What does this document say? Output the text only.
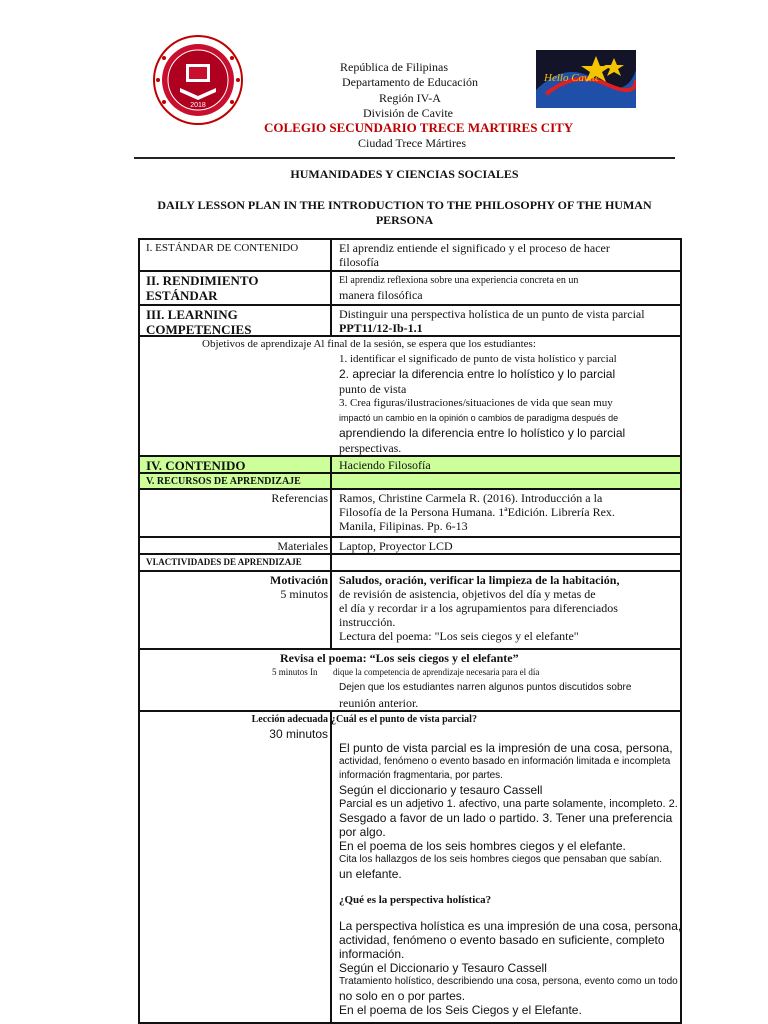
2018
Hello Cavite
República de Filipinas
Departamento de Educación
Región IV-A
División de Cavite
COLEGIO SECUNDARIO TRECE MARTIRES CITY
Ciudad Trece Mártires
HUMANIDADES Y CIENCIAS SOCIALES
DAILY LESSON PLAN IN THE INTRODUCTION TO THE PHILOSOPHY OF THE HUMAN
PERSONA
I. ESTÁNDAR DE CONTENIDO	El aprendiz entiende el significado y el proceso de hacer
filosofía
II. RENDIMIENTO
ESTÁNDAR
El aprendiz reflexiona sobre una experiencia concreta en un
manera filosófica
III. LEARNING
COMPETENCIES
Distinguir una perspectiva holística de un punto de vista parcial
PPT11/12-Ib-1.1
Objetivos de aprendizaje Al final de la sesión, se espera que los estudiantes:
1. identificar el significado de punto de vista holístico y parcial
2. apreciar la diferencia entre lo holístico y lo parcial
punto de vista
3. Crea figuras/ilustraciones/situaciones de vida que sean muy
impactó un cambio en la opinión o cambios de paradigma después de
aprendiendo la diferencia entre lo holístico y lo parcial
perspectivas.
IV. CONTENIDO	Haciendo Filosofía
V. RECURSOS DE APRENDIZAJE
Referencias Ramos, Christine Carmela R. (2016). Introducción a la
Filosofía de la Persona Humana. 1ªEdición. Librería Rex.
Manila, Filipinas. Pp. 6-13
Materiales Laptop, Proyector LCD
VI.ACTIVIDADES DE APRENDIZAJE
Motivación
5 minutos
Saludos, oración, verificar la limpieza de la habitación,
de revisión de asistencia, objetivos del día y metas de
el día y recordar ir a los agrupamientos para diferenciados
instrucción.
Lectura del poema: "Los seis ciegos y el elefante"
Revisa el poema: “Los seis ciegos y el elefante”
5 minutos In dique la competencia de aprendizaje necesaria para el día
Dejen que los estudiantes narren algunos puntos discutidos sobre
reunión anterior.
Lección adecuada
30 minutos
¿Cuál es el punto de vista parcial?
El punto de vista parcial es la impresión de una cosa, persona,
actividad, fenómeno o evento basado en información limitada e incompleta
información fragmentaria, por partes.
Según el diccionario y tesauro Cassell
Parcial es un adjetivo 1. afectivo, una parte solamente, incompleto. 2.
Sesgado a favor de un lado o partido. 3. Tener una preferencia
por algo.
En el poema de los seis hombres ciegos y el elefante.
Cita los hallazgos de los seis hombres ciegos que pensaban que sabían.
un elefante.
¿Qué es la perspectiva holística?
La perspectiva holística es una impresión de una cosa, persona,
actividad, fenómeno o evento basado en suficiente, completo
información.
Según el Diccionario y Tesauro Cassell
Tratamiento holístico, describiendo una cosa, persona, evento como un todo
no solo en o por partes.
En el poema de los Seis Ciegos y el Elefante.
